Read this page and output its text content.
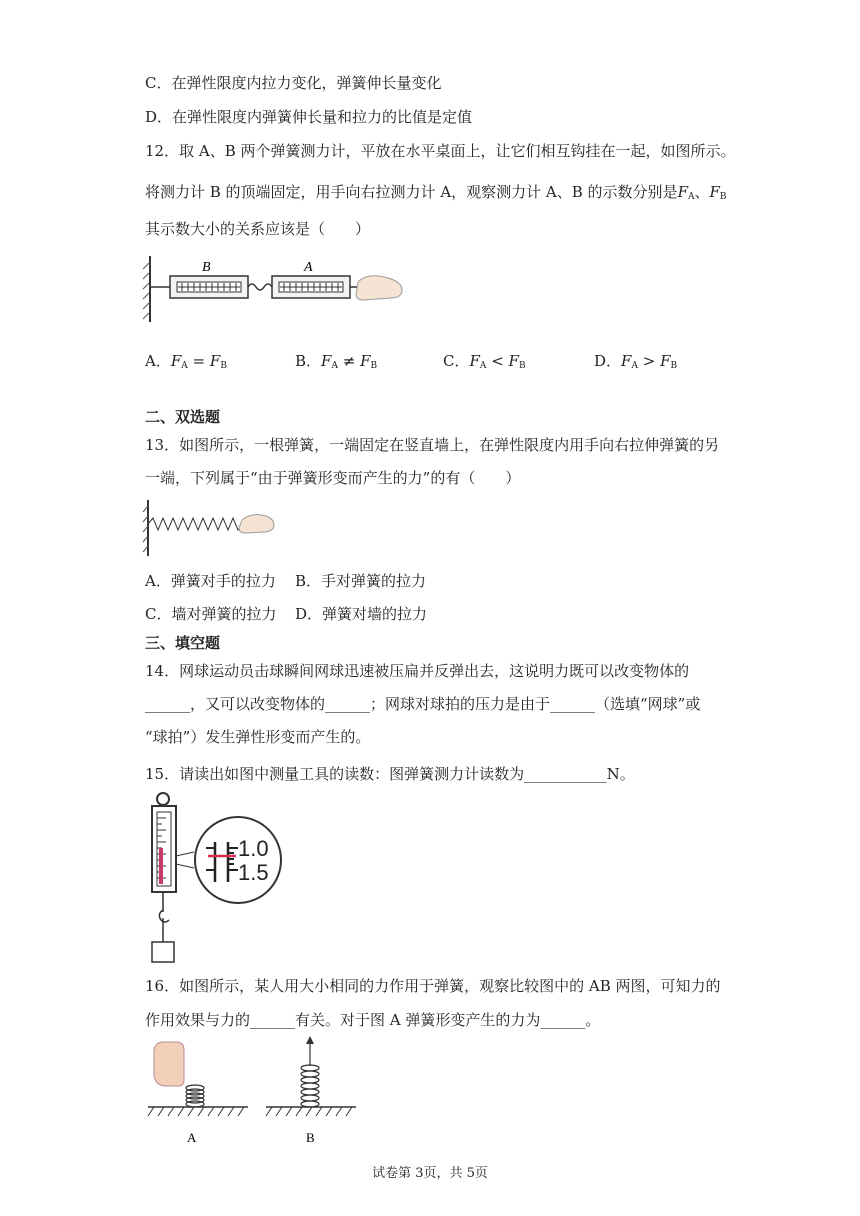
C．在弹性限度内拉力变化，弹簧伸长量变化
D．在弹性限度内弹簧伸长量和拉力的比值是定值
12．取 A、B 两个弹簧测力计，平放在水平桌面上，让它们相互钩挂在一起，如图所示。
将测力计 B 的顶端固定，用手向右拉测力计 A，观察测力计 A、B 的示数分别是$F_A$、$F_B$
其示数大小的关系应该是（　　）
B	A
A．$F_A = F_B$	B．$F_A \ne F_B$	C．$F_A < F_B$	D．$F_A > F_B$
二、双选题
13．如图所示，一根弹簧，一端固定在竖直墙上，在弹性限度内用手向右拉伸弹簧的另
一端，下列属于“由于弹簧形变而产生的力”的有（　　）
A．弹簧对手的拉力 B．手对弹簧的拉力
C．墙对弹簧的拉力 D．弹簧对墙的拉力
三、填空题
14．网球运动员击球瞬间网球迅速被压扁并反弹出去，这说明力既可以改变物体的
______，又可以改变物体的______；网球对球拍的压力是由于______（选填“网球”或
“球拍”）发生弹性形变而产生的。
15．请读出如图中测量工具的读数：图弹簧测力计读数为___________N。
1.0
1.5
16．如图所示，某人用大小相同的力作用于弹簧，观察比较图中的 AB 两图，可知力的
作用效果与力的______有关。对于图 A 弹簧形变产生的力为______。
A	B
试卷第 3页，共 5页
